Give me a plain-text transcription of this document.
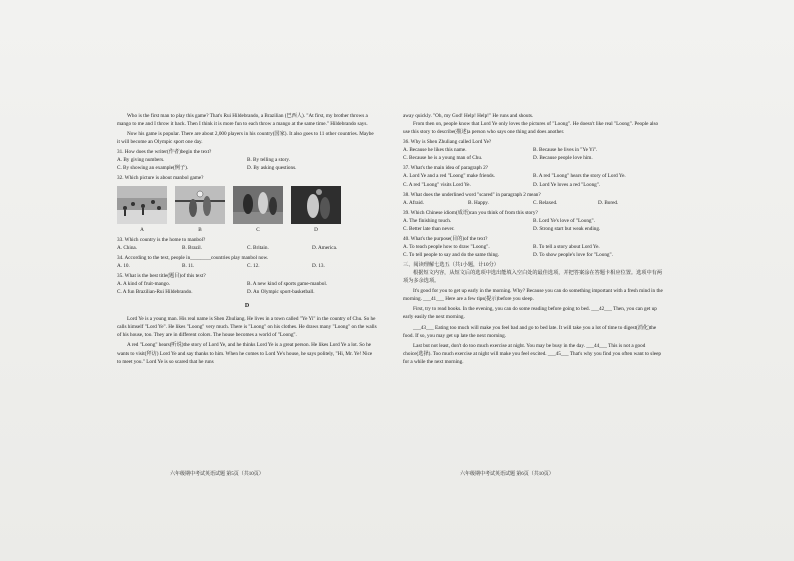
Who is the first man to play this game? That's Rui Hildebrando, a Brazilian (巴西人). "At first, my brother throws a mango to me and I throw it back. Then I think it is more fun to each throw a mango at the same time." Hildebrando says.

Now his game is popular. There are about 2,000 players in his country(国家). It also goes to 11 other countries. Maybe it will become an Olympic sport one day.

31. How does the writer(作者)begin the text?

A. By giving numbers.	B. By telling a story.
C. By showing an example(例子).	D. By asking questions.

32. Which picture is about manbol game?

A	B	C	D

33. Which country is the home to manbol?

A. China.	B. Brazil.	C. Britain.	D. America.

34. According to the text, people in________countries play manbol now.

A. 10.	B. 11.	C. 12.	D. 13.

35. What is the best title(题目)of this text?

A. A kind of fruit-mango.	B. A new kind of sports game-manbol.
C. A fun Brazilian-Rui Hildebrando.	D. An Olympic sport-basketball.

D

Lord Ye is a young man. His real name is Shen Zhuliang. He lives in a town called "Ye Yi" in the country of Chu. So he calls himself "Lord Ye". He likes "Loong" very much. There is "Loong" on his clothes. He draws many "Loong" on the walls of his house, too. They are in different colors. The house becomes a world of "Loong".

A red "Loong" hears(听说)the story of Lord Ye, and he thinks Lord Ye is a great person. He likes Lord Ye a lot. So he wants to visit(拜访) Lord Ye and say thanks to him. When he comes to Lord Ye's house, he says politely, "Hi, Mr. Ye! Nice to meet you." Lord Ye is so scared that he runs

away quickly. "Oh, my God! Help! Help!" He runs and shouts.

From then on, people know that Lord Ye only loves the pictures of "Loong". He doesn't like real "Loong". People also use this story to describe(描述)a person who says one thing and does another.

36. Why is Shen Zhuliang called Lord Ye?

A. Because he likes this name.	B. Because he lives in "Ye Yi".
C. Because he is a young man of Chu.	D. Because people love him.

37. What's the main idea of paragraph 2?

A. Lord Ye and a red "Loong" make friends.	B. A red "Loong" hears the story of Lord Ye.
C. A red "Loong" visits Lord Ye.	D. Lord Ye loves a red "Loong".

38. What does the underlined word "scared" in paragraph 2 mean?

A. Afraid.	B. Happy.	C. Relaxed.	D. Bored.

39. Which Chinese idiom(成语)can you think of from this story?

A. The finishing touch.	B. Lord Ye's love of "Loong".
C. Better late than never.	D. Strong start but weak ending.

40. What's the purpose(目的)of the text?

A. To teach people how to draw "Loong".	B. To tell a story about Lord Ye.
C. To tell people to say and do the same thing.	D. To show people's love for "Loong".

三、阅读理解七选五（共1小题，计10分）

根据短文内容，从短文后的选项中选出能填入空白处的最佳选项，并把答案涂在答题卡相应位置。选项中有两项为多余选项。

It's good for you to get up early in the morning. Why? Because you can do something important with a fresh mind in the morning. ___41___ Here are a few tips(提示)before you sleep.

First, try to read books. In the evening, you can do some reading before going to bed. ___42___ Then, you can get up early easily the next morning.

___43___ Eating too much will make you feel bad and go to bed late. It will take you a lot of time to digest(消化)the food. If so, you may get up late the next morning.

Last but not least, don't do too much exercise at night. You may be busy in the day. ___44___ This is not a good choice(选择). Too much exercise at night will make you feel excited. ___45___ That's why you find you often want to sleep for a while the next morning.

六年级期中考试英语试题 第5页（共10页）	六年级期中考试英语试题 第6页（共10页）
